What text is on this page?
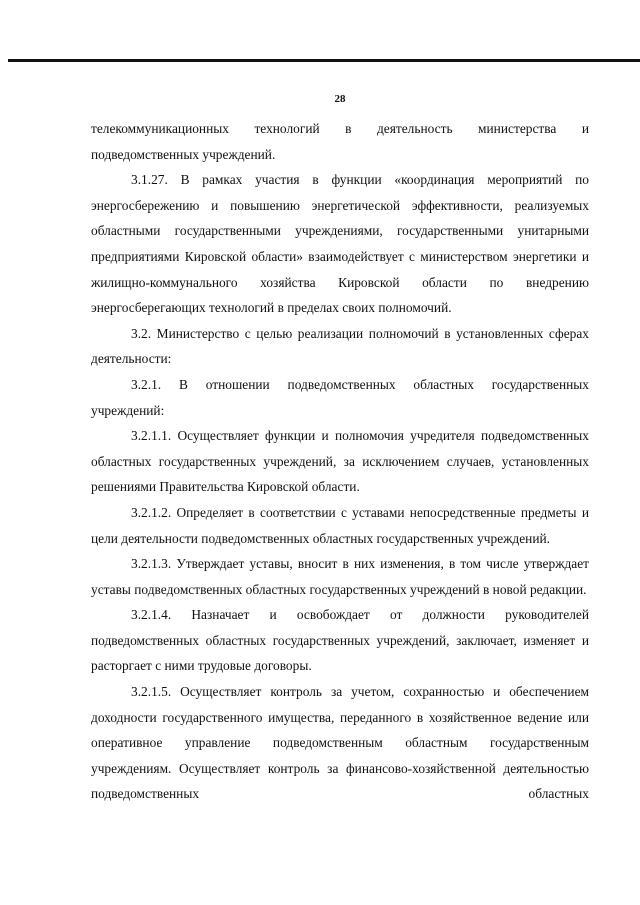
28

телекоммуникационных технологий в деятельность министерства и подведомственных учреждений.

3.1.27. В рамках участия в функции «координация мероприятий по энергосбережению и повышению энергетической эффективности, реализуемых областными государственными учреждениями, государственными унитарными предприятиями Кировской области» взаимодействует с министерством энергетики и жилищно-коммунального хозяйства Кировской области по внедрению энергосберегающих технологий в пределах своих полномочий.

3.2. Министерство с целью реализации полномочий в установленных сферах деятельности:

3.2.1. В отношении подведомственных областных государственных учреждений:

3.2.1.1. Осуществляет функции и полномочия учредителя подведомственных областных государственных учреждений, за исключением случаев, установленных решениями Правительства Кировской области.

3.2.1.2. Определяет в соответствии с уставами непосредственные предметы и цели деятельности подведомственных областных государственных учреждений.

3.2.1.3. Утверждает уставы, вносит в них изменения, в том числе утверждает уставы подведомственных областных государственных учреждений в новой редакции.

3.2.1.4. Назначает и освобождает от должности руководителей подведомственных областных государственных учреждений, заключает, изменяет и расторгает с ними трудовые договоры.

3.2.1.5. Осуществляет контроль за учетом, сохранностью и обеспечением доходности государственного имущества, переданного в хозяйственное ведение или оперативное управление подведомственным областным государственным учреждениям. Осуществляет контроль за финансово-хозяйственной деятельностью подведомственных областных
